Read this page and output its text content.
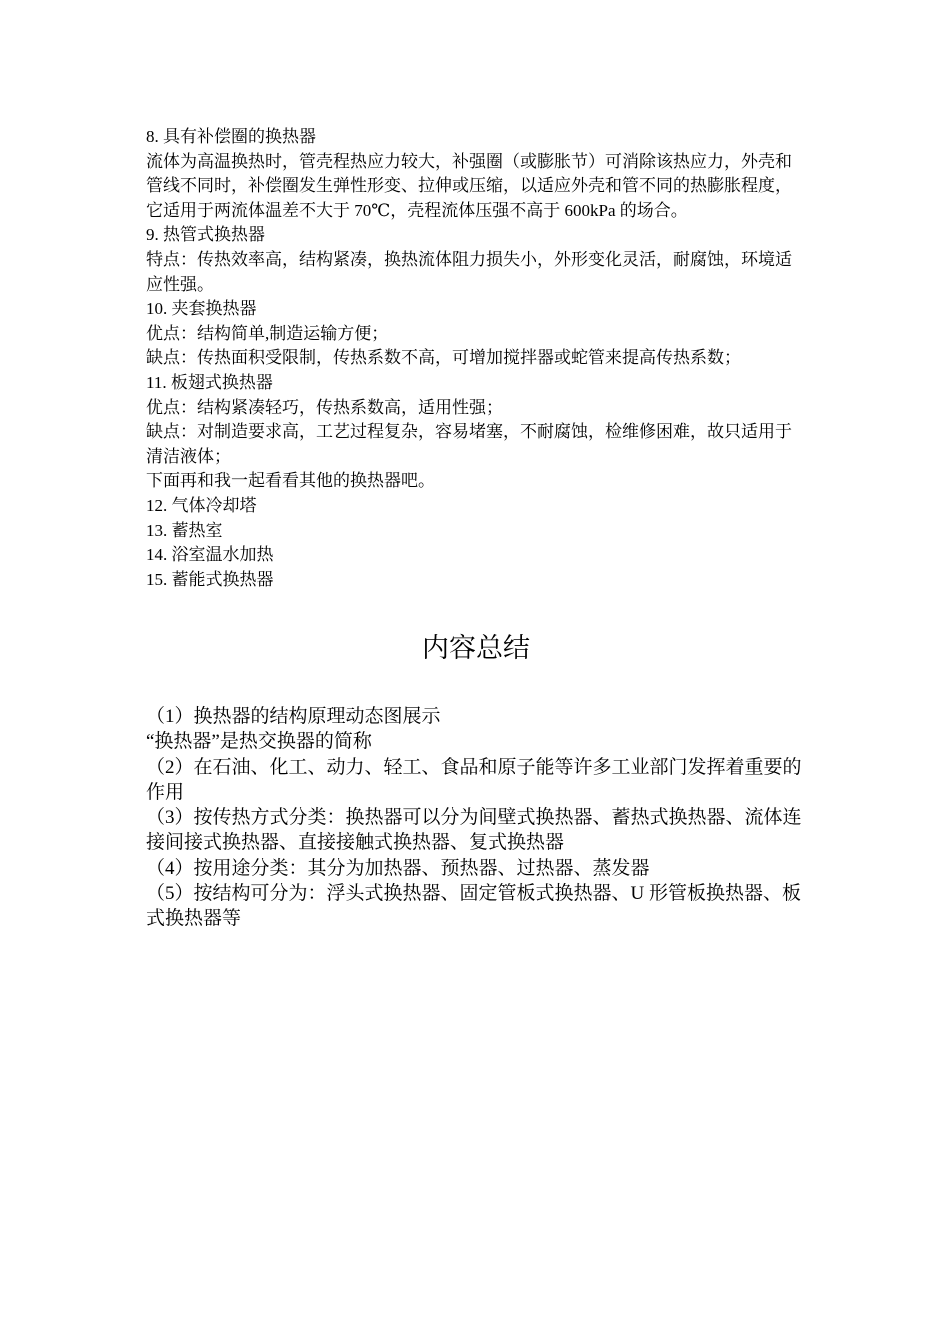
8. 具有补偿圈的换热器

流体为高温换热时，管壳程热应力较大，补强圈（或膨胀节）可消除该热应力，外壳和管线不同时，补偿圈发生弹性形变、拉伸或压缩，以适应外壳和管不同的热膨胀程度，它适用于两流体温差不大于 70℃，壳程流体压强不高于 600kPa 的场合。

9. 热管式换热器

特点：传热效率高，结构紧凑，换热流体阻力损失小，外形变化灵活，耐腐蚀，环境适应性强。

10. 夹套换热器

优点：结构简单,制造运输方便；

缺点：传热面积受限制，传热系数不高，可增加搅拌器或蛇管来提高传热系数；

11. 板翅式换热器

优点：结构紧凑轻巧，传热系数高，适用性强；

缺点：对制造要求高，工艺过程复杂，容易堵塞，不耐腐蚀，检维修困难，故只适用于清洁液体；

下面再和我一起看看其他的换热器吧。

12. 气体冷却塔

13. 蓄热室

14. 浴室温水加热

15. 蓄能式换热器

内容总结

（1）换热器的结构原理动态图展示

“换热器”是热交换器的简称

（2）在石油、化工、动力、轻工、食品和原子能等许多工业部门发挥着重要的作用

（3）按传热方式分类：换热器可以分为间壁式换热器、蓄热式换热器、流体连接间接式换热器、直接接触式换热器、复式换热器

（4）按用途分类：其分为加热器、预热器、过热器、蒸发器

（5）按结构可分为：浮头式换热器、固定管板式换热器、U 形管板换热器、板式换热器等
